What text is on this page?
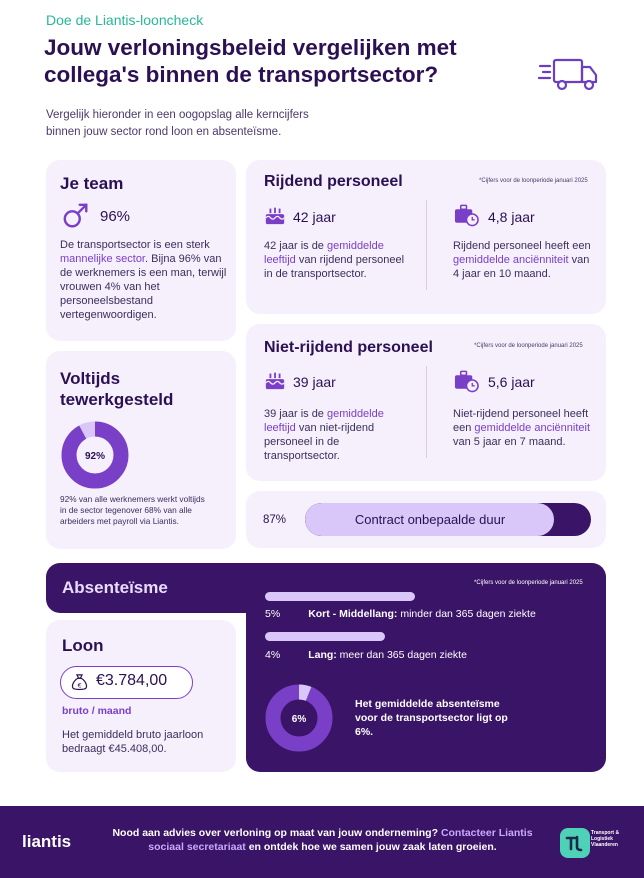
Doe de Liantis-looncheck
Jouw verloningsbeleid vergelijken met collega's binnen de transportsector?
Vergelijk hieronder in een oogopslag alle kerncijfers binnen jouw sector rond loon en absenteïsme.
Je team
96%
De transportsector is een sterk mannelijke sector. Bijna 96% van de werknemers is een man, terwijl vrouwen 4% van het personeelsbestand vertegenwoordigen.
Voltijds tewerkgesteld
92%
92% van alle werknemers werkt voltijds in de sector tegenover 68% van alle arbeiders met payroll via Liantis.
Rijdend personeel	*Cijfers voor de loonperiode januari 2025
42 jaar
42 jaar is de gemiddelde leeftijd van rijdend personeel in de transportsector.
4,8 jaar
Rijdend personeel heeft een gemiddelde anciënniteit van 4 jaar en 10 maand.
Niet-rijdend personeel	*Cijfers voor de loonperiode januari 2025
39 jaar
39 jaar is de gemiddelde leeftijd van niet-rijdend personeel in de transportsector.
5,6 jaar
Niet-rijdend personeel heeft een gemiddelde anciënniteit van 5 jaar en 7 maand.
87%	Contract onbepaalde duur
Absenteïsme	*Cijfers voor de loonperiode januari 2025
5%	Kort - Middellang: minder dan 365 dagen ziekte
4%	Lang: meer dan 365 dagen ziekte
6%
Het gemiddelde absenteïsme voor de transportsector ligt op 6%.
Loon
€ €3.784,00
bruto / maand
Het gemiddeld bruto jaarloon bedraagt €45.408,00.
liantis	Nood aan advies over verloning op maat van jouw onderneming? Contacteer Liantis sociaal secretariaat en ontdek hoe we samen jouw zaak laten groeien.
Transport & Logistiek Vlaanderen
